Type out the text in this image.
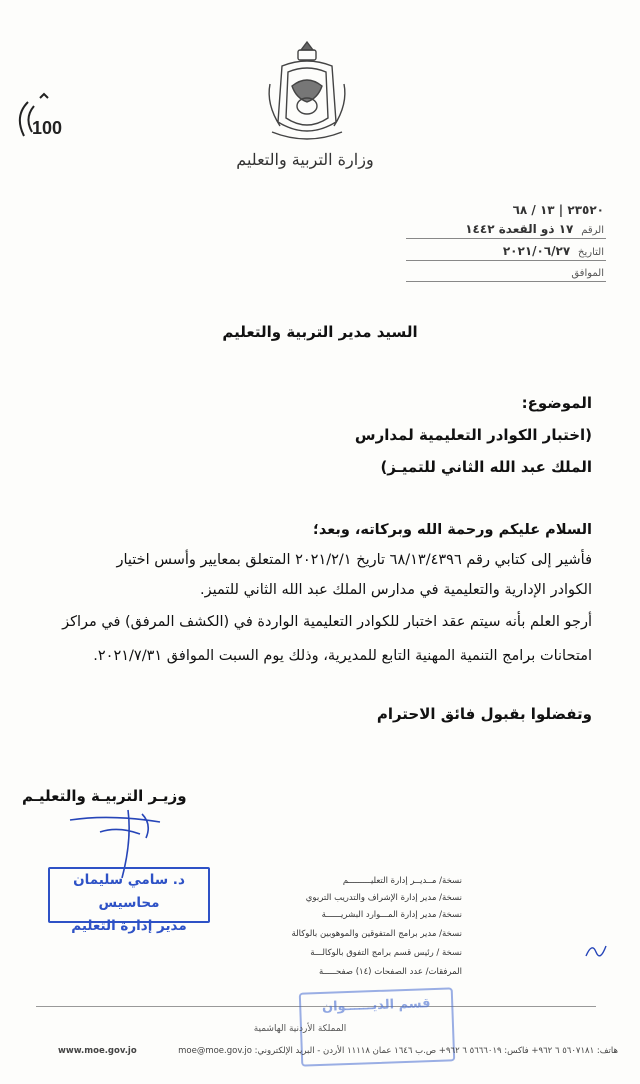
وزارة التربية والتعليم
100
٢٣٥٢٠ | ١٣ / ٦٨
الرقم ١٧ ذو القعدة ١٤٤٢
التاريخ ٢٠٢١/٠٦/٢٧
الموافق
السيد مدير التربية والتعليم
الموضوع:
(اختبار الكوادر التعليمية لمدارس
الملك عبد الله الثاني للتميـز)
السلام عليكم ورحمة الله وبركاته، وبعد؛
فأشير إلى كتابي رقم ٦٨/١٣/٤٣٩٦ تاريخ ٢٠٢١/٢/١ المتعلق بمعايير وأسس اختيار
الكوادر الإدارية والتعليمية في مدارس الملك عبد الله الثاني للتميز.
أرجو العلم بأنه سيتم عقد اختبار للكوادر التعليمية الواردة في (الكشف المرفق) في مراكز
امتحانات برامج التنمية المهنية التابع للمديرية، وذلك يوم السبت الموافق ٢٠٢١/٧/٣١.
وتفضلوا بقبول فائق الاحترام
وزيـر التربيـة والتعليـم
د. سامي سليمان محاسيس
مدير إدارة التعليم
نسخة/ مــديــر إدارة التعليـــــــــم
نسخة/ مدير إدارة الإشراف والتدريب التربوي
نسخة/ مدير إدارة المـــوارد البشريــــــة
نسخة/ مدير برامج المتفوقين والموهوبين بالوكالة
نسخة / رئيس قسم برامج التفوق بالوكالـــة
المرفقات/ عدد الصفحات (١٤) صفحـــــة
قسم الديــــــوان
المملكة الأردنية الهاشمية
www.moe.gov.jo	هاتف: ٥٦٠٧١٨١ ٦ ٩٦٢+ فاكس: ٥٦٦٦٠١٩ ٦ ٩٦٢+ ص.ب ١٦٤٦ عمان ١١١١٨ الأردن - البريد الإلكتروني: moe@moe.gov.jo
